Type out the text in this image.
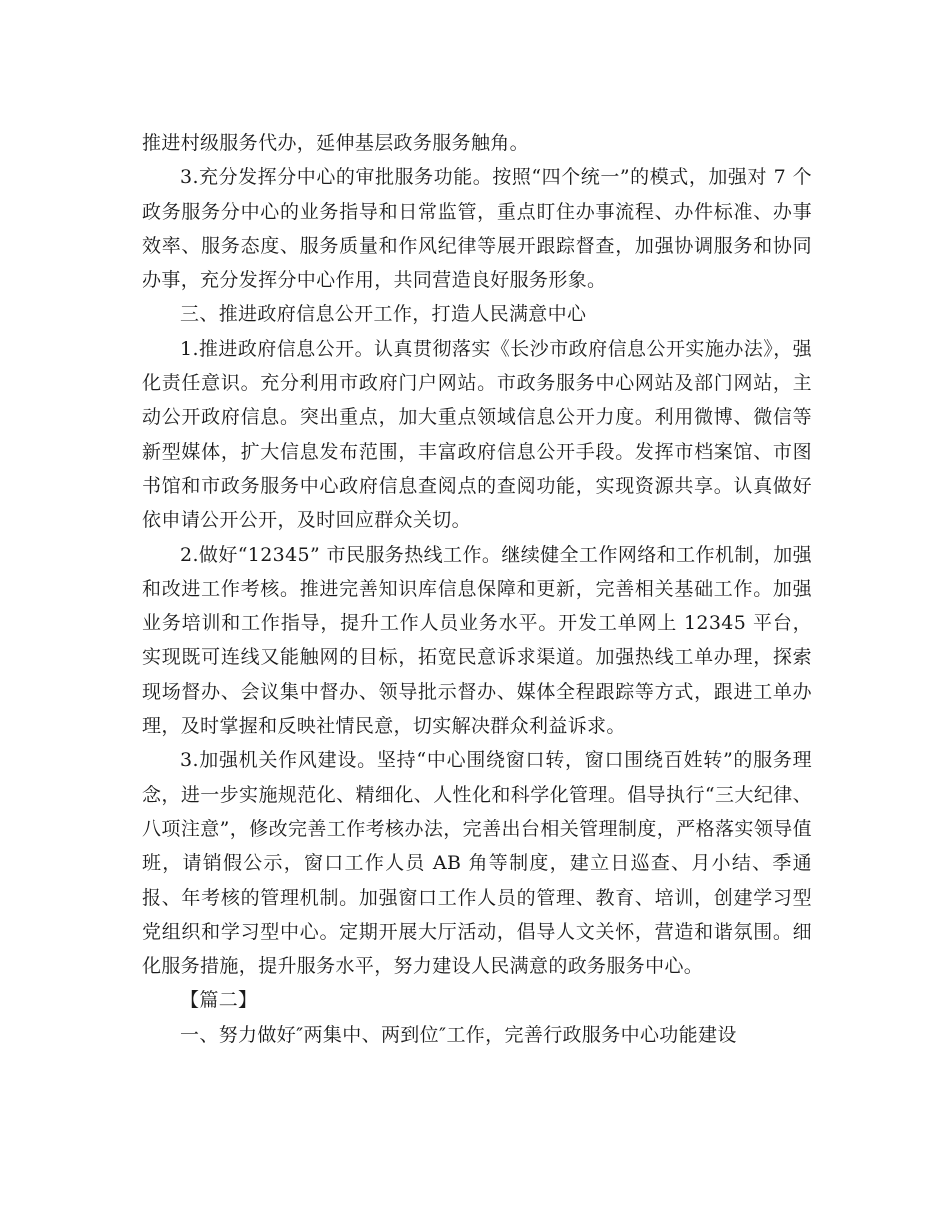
推进村级服务代办，延伸基层政务服务触角。

3.充分发挥分中心的审批服务功能。按照“四个统一”的模式，加强对 7 个政务服务分中心的业务指导和日常监管，重点盯住办事流程、办件标准、办事效率、服务态度、服务质量和作风纪律等展开跟踪督查，加强协调服务和协同办事，充分发挥分中心作用，共同营造良好服务形象。

三、推进政府信息公开工作，打造人民满意中心

1.推进政府信息公开。认真贯彻落实《长沙市政府信息公开实施办法》，强化责任意识。充分利用市政府门户网站。市政务服务中心网站及部门网站，主动公开政府信息。突出重点，加大重点领域信息公开力度。利用微博、微信等新型媒体，扩大信息发布范围，丰富政府信息公开手段。发挥市档案馆、市图书馆和市政务服务中心政府信息查阅点的查阅功能，实现资源共享。认真做好依申请公开公开，及时回应群众关切。

2.做好“12345” 市民服务热线工作。继续健全工作网络和工作机制，加强和改进工作考核。推进完善知识库信息保障和更新，完善相关基础工作。加强业务培训和工作指导，提升工作人员业务水平。开发工单网上 12345 平台，实现既可连线又能触网的目标，拓宽民意诉求渠道。加强热线工单办理，探索现场督办、会议集中督办、领导批示督办、媒体全程跟踪等方式，跟进工单办理，及时掌握和反映社情民意，切实解决群众利益诉求。

3.加强机关作风建设。坚持“中心围绕窗口转，窗口围绕百姓转”的服务理念，进一步实施规范化、精细化、人性化和科学化管理。倡导执行“三大纪律、八项注意”，修改完善工作考核办法，完善出台相关管理制度，严格落实领导值班，请销假公示，窗口工作人员 AB 角等制度，建立日巡查、月小结、季通报、年考核的管理机制。加强窗口工作人员的管理、教育、培训，创建学习型党组织和学习型中心。定期开展大厅活动，倡导人文关怀，营造和谐氛围。细化服务措施，提升服务水平，努力建设人民满意的政务服务中心。

【篇二】

一、努力做好″两集中、两到位″工作，完善行政服务中心功能建设
